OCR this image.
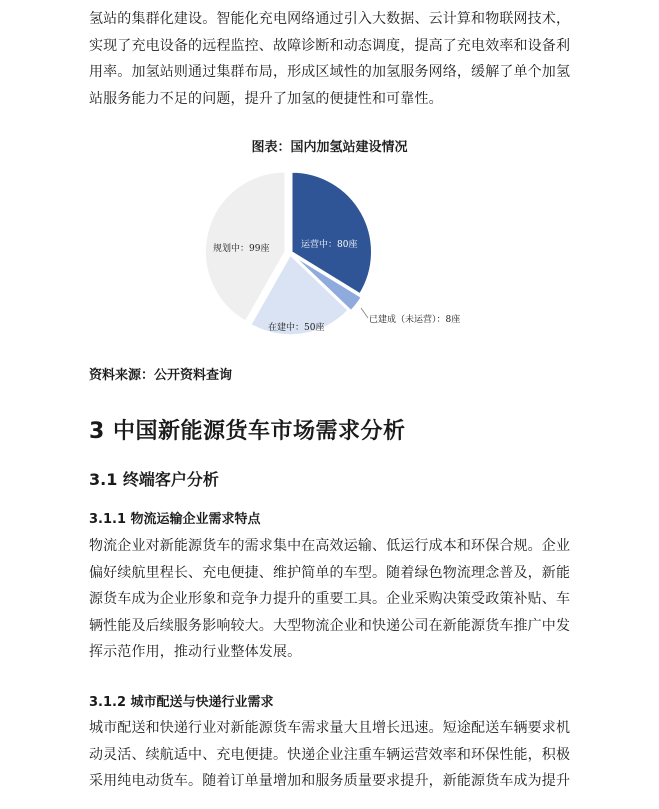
氢站的集群化建设。智能化充电网络通过引入大数据、云计算和物联网技术，实现了充电设备的远程监控、故障诊断和动态调度，提高了充电效率和设备利用率。加氢站则通过集群布局，形成区域性的加氢服务网络，缓解了单个加氢站服务能力不足的问题，提升了加氢的便捷性和可靠性。

图表：国内加氢站建设情况

运营中：80座
已建成（未运营）：8座
在建中：50座
规划中：99座

资料来源：公开资料查询

3 中国新能源货车市场需求分析
3.1 终端客户分析
3.1.1 物流运输企业需求特点

物流企业对新能源货车的需求集中在高效运输、低运行成本和环保合规。企业偏好续航里程长、充电便捷、维护简单的车型。随着绿色物流理念普及，新能源货车成为企业形象和竞争力提升的重要工具。企业采购决策受政策补贴、车辆性能及后续服务影响较大。大型物流企业和快递公司在新能源货车推广中发挥示范作用，推动行业整体发展。

3.1.2 城市配送与快递行业需求

城市配送和快递行业对新能源货车需求量大且增长迅速。短途配送车辆要求机动灵活、续航适中、充电便捷。快递企业注重车辆运营效率和环保性能，积极采用纯电动货车。随着订单量增加和服务质量要求提升，新能源货车成为提升
